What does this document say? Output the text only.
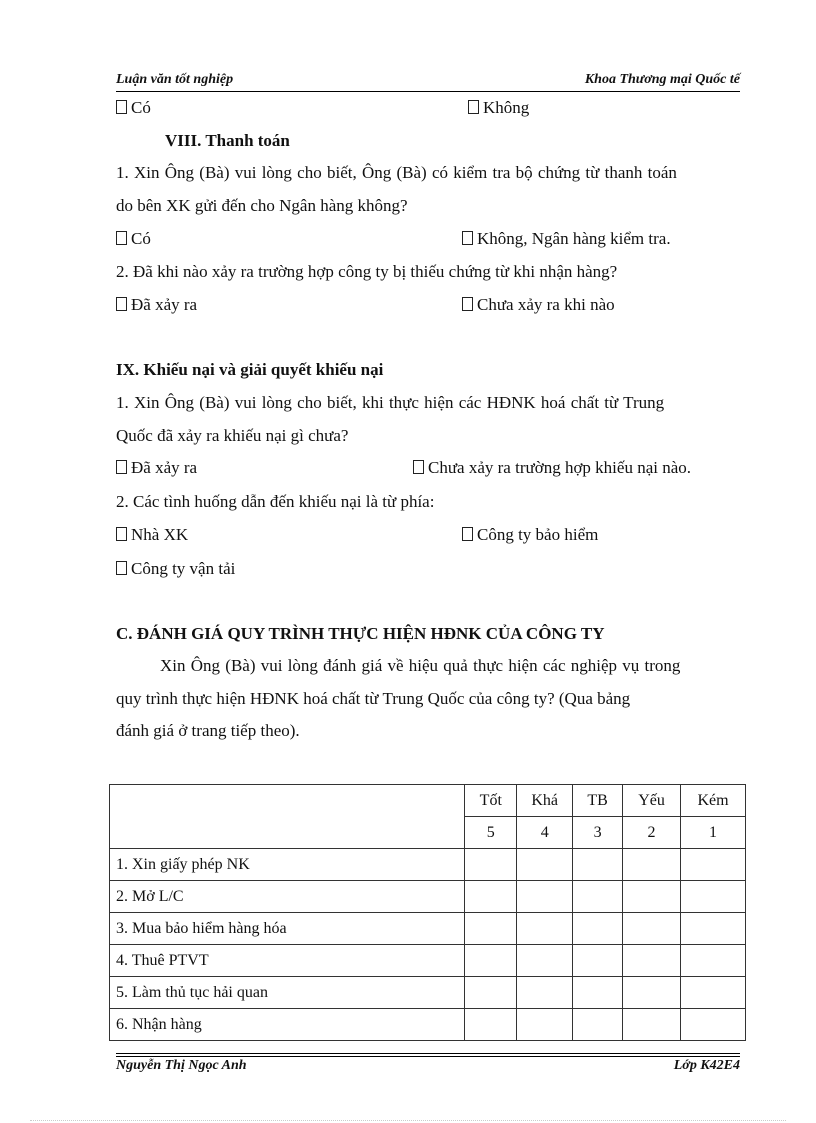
Luận văn tốt nghiệp	Khoa Thương mại Quốc tế
Có	Không
VIII. Thanh toán
1. Xin Ông (Bà) vui lòng cho biết, Ông (Bà) có kiểm tra bộ chứng từ thanh toán
do bên XK gửi đến cho Ngân hàng không?
Có	Không, Ngân hàng kiểm tra.
2. Đã khi nào xảy ra trường hợp công ty bị thiếu chứng từ khi nhận hàng?
Đã xảy ra	Chưa xảy ra khi nào
IX. Khiếu nại và giải quyết khiếu nại
1. Xin Ông (Bà) vui lòng cho biết, khi thực hiện các HĐNK hoá chất từ Trung
Quốc đã xảy ra khiếu nại gì chưa?
Đã xảy ra	Chưa xảy ra trường hợp khiếu nại nào.
2. Các tình huống dẫn đến khiếu nại là từ phía:
Nhà XK	Công ty bảo hiểm
Công ty vận tải
C. ĐÁNH GIÁ QUY TRÌNH THỰC HIỆN HĐNK CỦA CÔNG TY
Xin Ông (Bà) vui lòng đánh giá về hiệu quả thực hiện các nghiệp vụ trong
quy trình thực hiện HĐNK hoá chất từ Trung Quốc của công ty? (Qua bảng
đánh giá ở trang tiếp theo).
	Tốt	Khá	TB	Yếu	Kém
	5	4	3	2	1
1. Xin giấy phép NK					
2. Mở L/C					
3. Mua bảo hiểm hàng hóa					
4. Thuê PTVT					
5. Làm thủ tục hải quan					
6. Nhận hàng					
Nguyễn Thị Ngọc Anh	Lớp K42E4
